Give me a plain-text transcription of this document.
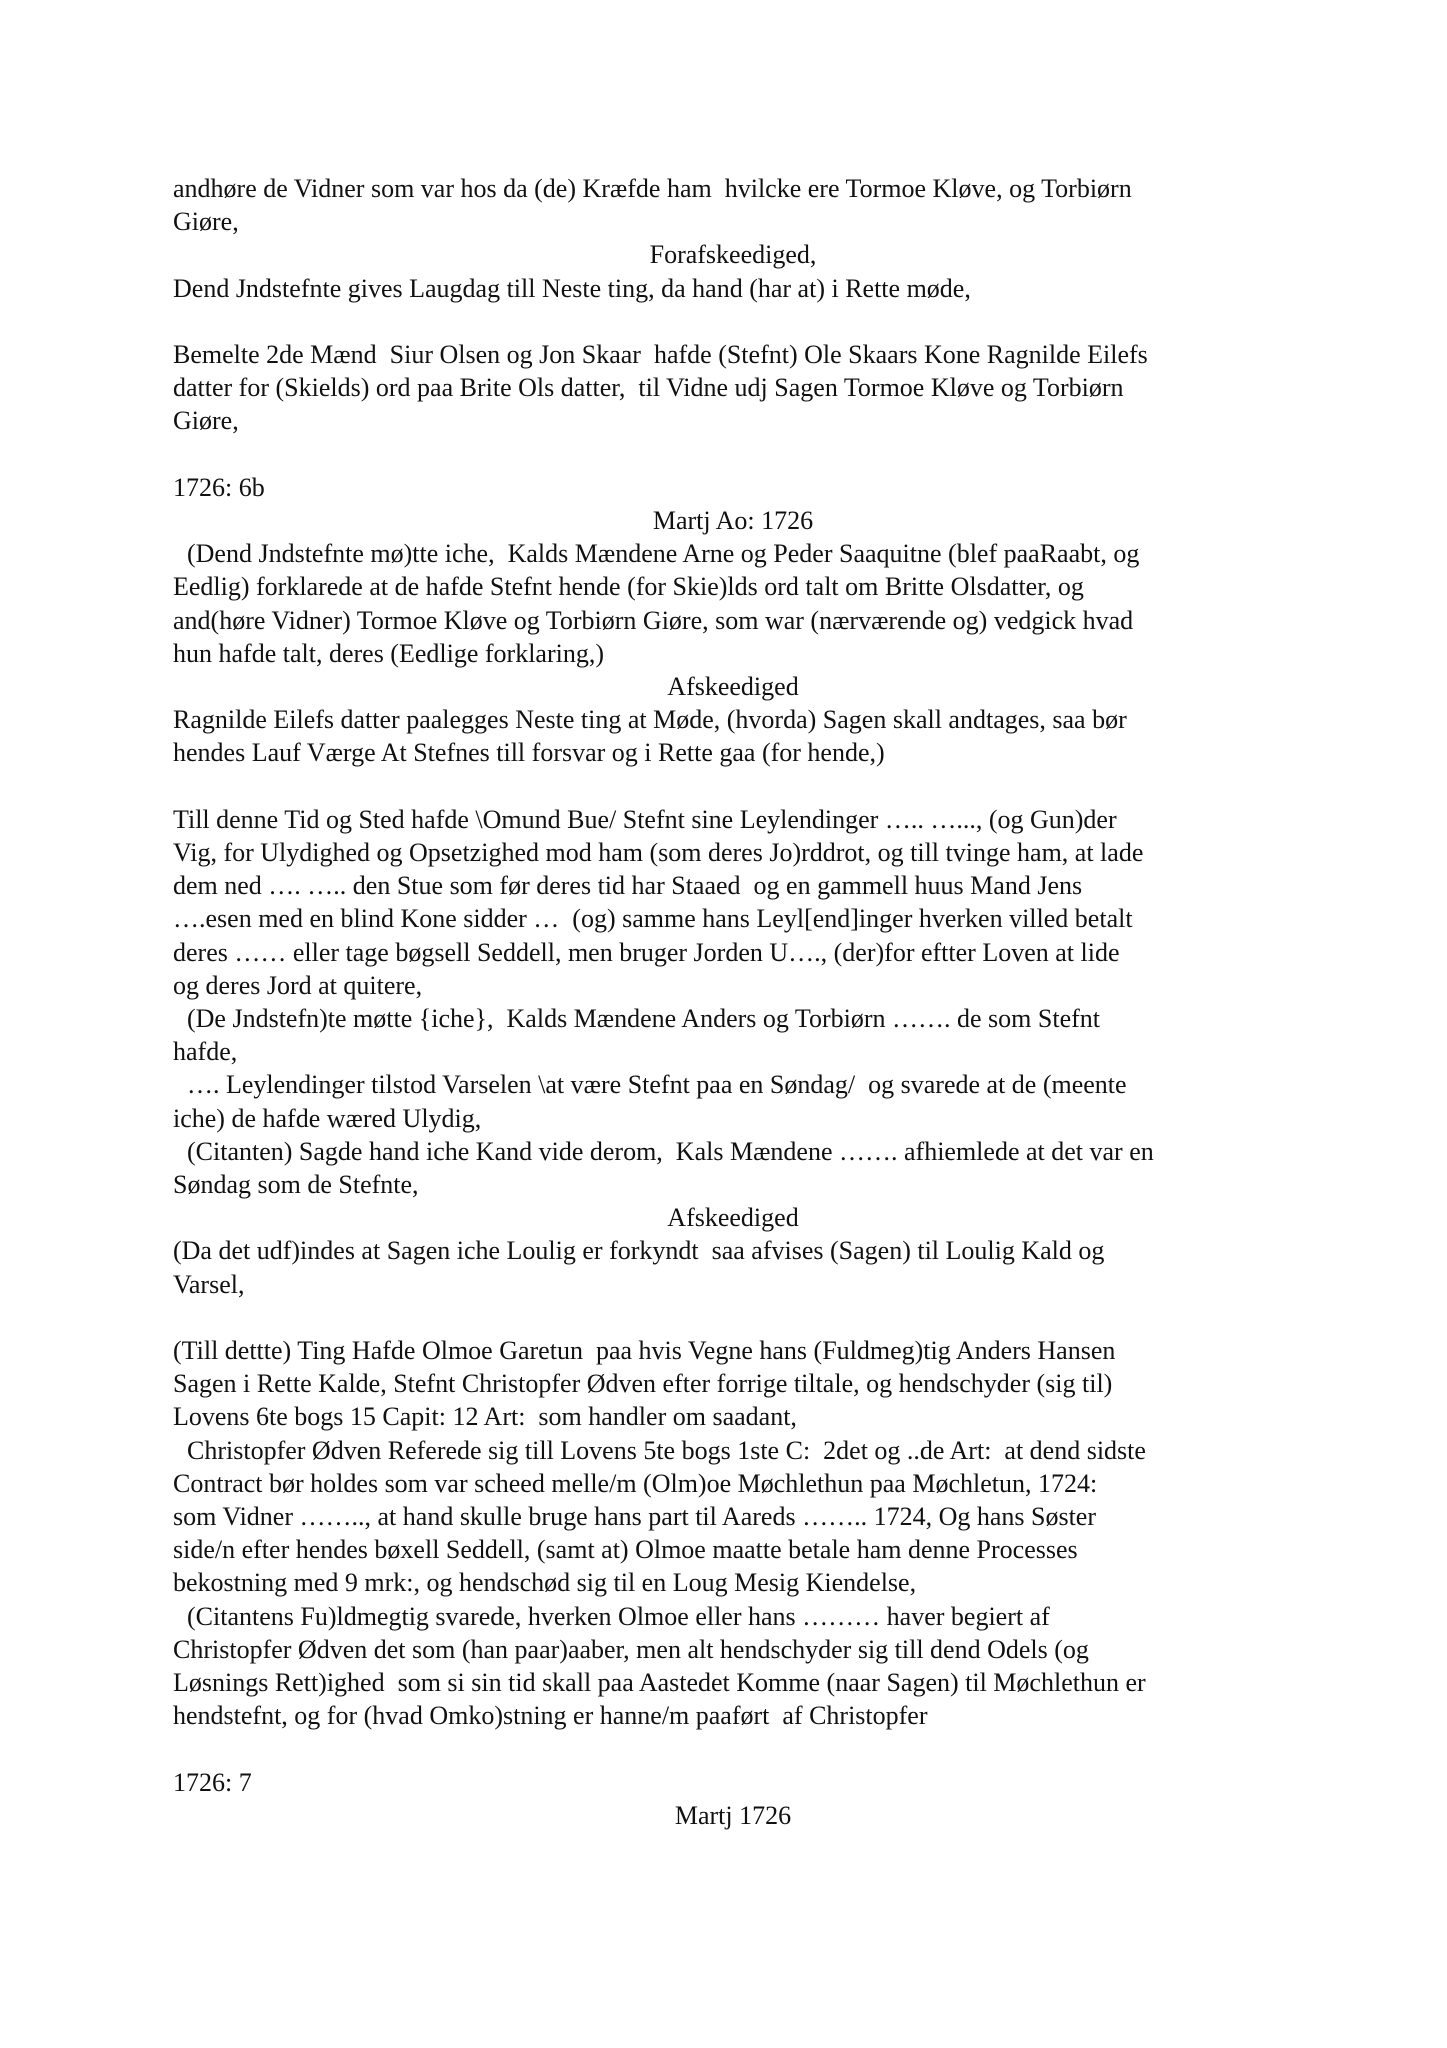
andhøre de Vidner som var hos da (de) Kræfde ham  hvilcke ere Tormoe Kløve, og Torbiørn
Giøre,
Forafskeediged,
Dend Jndstefnte gives Laugdag till Neste ting, da hand (har at) i Rette møde,
Bemelte 2de Mænd  Siur Olsen og Jon Skaar  hafde (Stefnt) Ole Skaars Kone Ragnilde Eilefs
datter for (Skields) ord paa Brite Ols datter,  til Vidne udj Sagen Tormoe Kløve og Torbiørn
Giøre,
1726: 6b
Martj Ao: 1726
(Dend Jndstefnte mø)tte iche,  Kalds Mændene Arne og Peder Saaquitne (blef paaRaabt, og
Eedlig) forklarede at de hafde Stefnt hende (for Skie)lds ord talt om Britte Olsdatter, og
and(høre Vidner) Tormoe Kløve og Torbiørn Giøre, som war (nærværende og) vedgick hvad
hun hafde talt, deres (Eedlige forklaring,)
Afskeediged
Ragnilde Eilefs datter paalegges Neste ting at Møde, (hvorda) Sagen skall andtages, saa bør
hendes Lauf Værge At Stefnes till forsvar og i Rette gaa (for hende,)
Till denne Tid og Sted hafde \Omund Bue/ Stefnt sine Leylendinger ….. …..., (og Gun)der
Vig, for Ulydighed og Opsetzighed mod ham (som deres Jo)rddrot, og till tvinge ham, at lade
dem ned …. ….. den Stue som før deres tid har Staaed  og en gammell huus Mand Jens
….esen med en blind Kone sidder …  (og) samme hans Leyl[end]inger hverken villed betalt
deres …… eller tage bøgsell Seddell, men bruger Jorden U…., (der)for eftter Loven at lide
og deres Jord at quitere,
(De Jndstefn)te møtte {iche},  Kalds Mændene Anders og Torbiørn ……. de som Stefnt
hafde,
…. Leylendinger tilstod Varselen \at være Stefnt paa en Søndag/  og svarede at de (meente
iche) de hafde wæred Ulydig,
(Citanten) Sagde hand iche Kand vide derom,  Kals Mændene ……. afhiemlede at det var en
Søndag som de Stefnte,
Afskeediged
(Da det udf)indes at Sagen iche Loulig er forkyndt  saa afvises (Sagen) til Loulig Kald og
Varsel,
(Till dettte) Ting Hafde Olmoe Garetun  paa hvis Vegne hans (Fuldmeg)tig Anders Hansen
Sagen i Rette Kalde, Stefnt Christopfer Ødven efter forrige tiltale, og hendschyder (sig til)
Lovens 6te bogs 15 Capit: 12 Art:  som handler om saadant,
Christopfer Ødven Referede sig till Lovens 5te bogs 1ste C:  2det og ..de Art:  at dend sidste
Contract bør holdes som var scheed melle/m (Olm)oe Møchlethun paa Møchletun, 1724:
som Vidner …….., at hand skulle bruge hans part til Aareds …….. 1724, Og hans Søster
side/n efter hendes bøxell Seddell, (samt at) Olmoe maatte betale ham denne Processes
bekostning med 9 mrk:, og hendschød sig til en Loug Mesig Kiendelse,
(Citantens Fu)ldmegtig svarede, hverken Olmoe eller hans ……… haver begiert af
Christopfer Ødven det som (han paar)aaber, men alt hendschyder sig till dend Odels (og
Løsnings Rett)ighed  som si sin tid skall paa Aastedet Komme (naar Sagen) til Møchlethun er
hendstefnt, og for (hvad Omko)stning er hanne/m paaført  af Christopfer
1726: 7
Martj 1726
